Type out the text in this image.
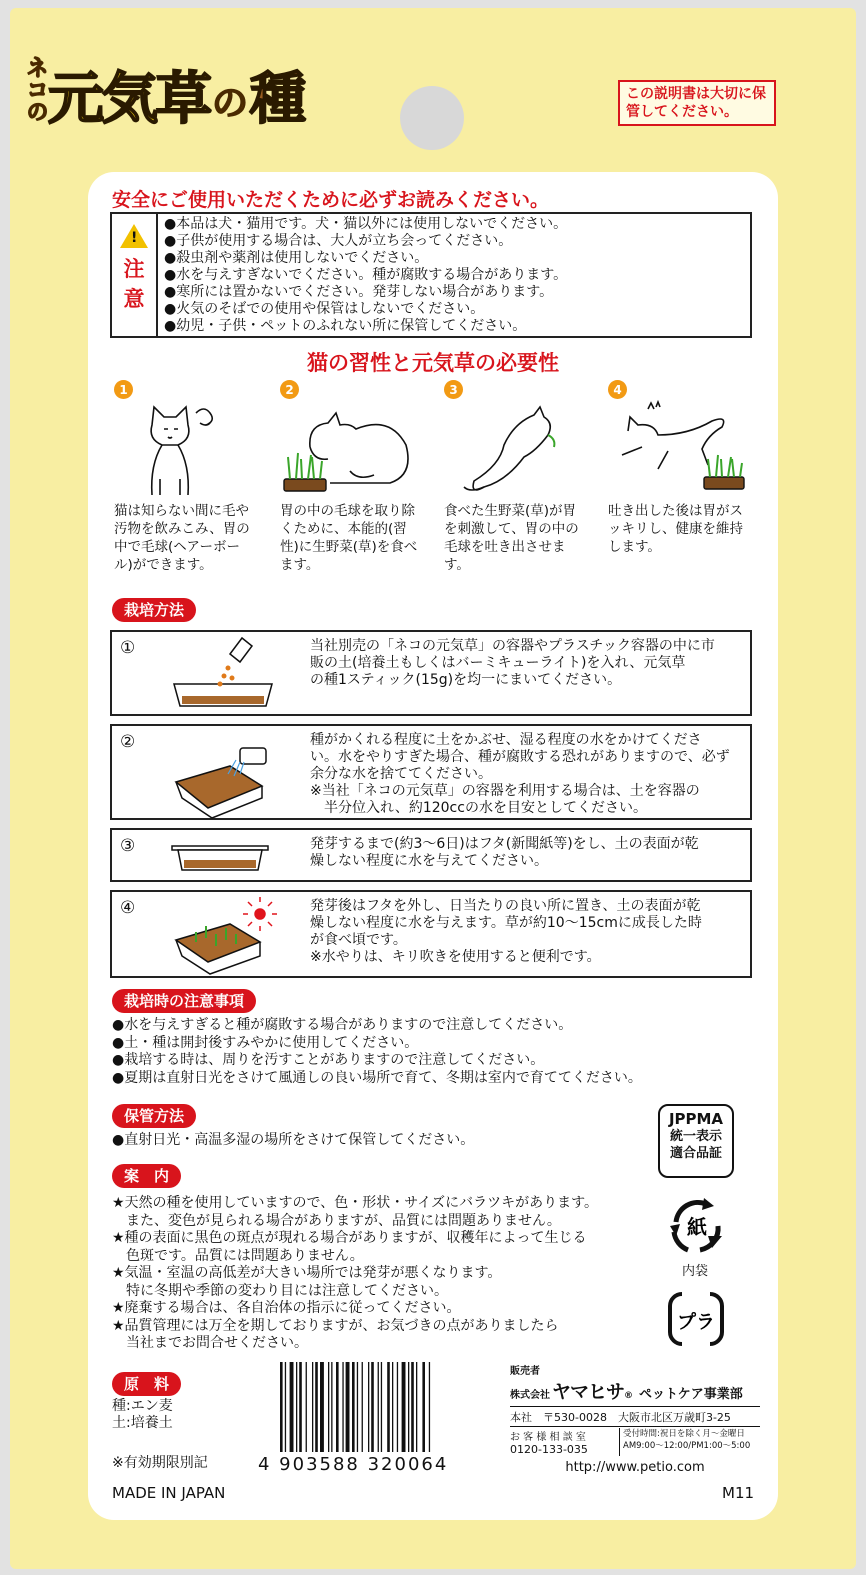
ネコの 元気草 の 種	この説明書は大切に保管してください。
安全にご使用いただくために必ずお読みください。
!
注
意
●本品は犬・猫用です。犬・猫以外には使用しないでください。
●子供が使用する場合は、大人が立ち会ってください。
●殺虫剤や薬剤は使用しないでください。
●水を与えすぎないでください。種が腐敗する場合があります。
●寒所には置かないでください。発芽しない場合があります。
●火気のそばでの使用や保管はしないでください。
●幼児・子供・ペットのふれない所に保管してください。
猫の習性と元気草の必要性
1
猫は知らない間に毛や汚物を飲みこみ、胃の中で毛球(ヘアーボール)ができます。
2
胃の中の毛球を取り除くために、本能的(習性)に生野菜(草)を食べます。
3
食べた生野菜(草)が胃を刺激して、胃の中の毛球を吐き出させます。
4
吐き出した後は胃がスッキリし、健康を維持します。
栽培方法
①	当社別売の「ネコの元気草」の容器やプラスチック容器の中に市
販の土(培養土もしくはバーミキューライト)を入れ、元気草
の種1スティック(15g)を均一にまいてください。
②	種がかくれる程度に土をかぶせ、湿る程度の水をかけてくださ
い。水をやりすぎた場合、種が腐敗する恐れがありますので、必ず
余分な水を捨ててください。
※当社「ネコの元気草」の容器を利用する場合は、土を容器の
　半分位入れ、約120ccの水を目安としてください。
③	発芽するまで(約3～6日)はフタ(新聞紙等)をし、土の表面が乾
燥しない程度に水を与えてください。
④	発芽後はフタを外し、日当たりの良い所に置き、土の表面が乾
燥しない程度に水を与えます。草が約10～15cmに成長した時
が食べ頃です。
※水やりは、キリ吹きを使用すると便利です。
栽培時の注意事項
●水を与えすぎると種が腐敗する場合がありますので注意してください。
●土・種は開封後すみやかに使用してください。
●栽培する時は、周りを汚すことがありますので注意してください。
●夏期は直射日光をさけて風通しの良い場所で育て、冬期は室内で育ててください。
保管方法
●直射日光・高温多湿の場所をさけて保管してください。
案　内
★天然の種を使用していますので、色・形状・サイズにバラツキがあります。
　また、変色が見られる場合がありますが、品質には問題ありません。
★種の表面に黒色の斑点が現れる場合がありますが、収穫年によって生じる
　色斑です。品質には問題ありません。
★気温・室温の高低差が大きい場所では発芽が悪くなります。
　特に冬期や季節の変わり目には注意してください。
★廃棄する場合は、各自治体の指示に従ってください。
★品質管理には万全を期しておりますが、お気づきの点がありましたら
　当社までお問合せください。
JPPMA
統一表示
適合品証
紙
内袋
プラ
原　料
種:エン麦
土:培養土
※有効期限別記	4 903588 320064
販売者
株式会社 ヤマヒサ ® ペットケア事業部
本社　〒530-0028　大阪市北区万歳町3-25
お 客 様 相 談 室
0120-133-035
受付時間:祝日を除く月～金曜日
AM9:00～12:00/PM1:00～5:00
http://www.petio.com
MADE IN JAPAN	M11
